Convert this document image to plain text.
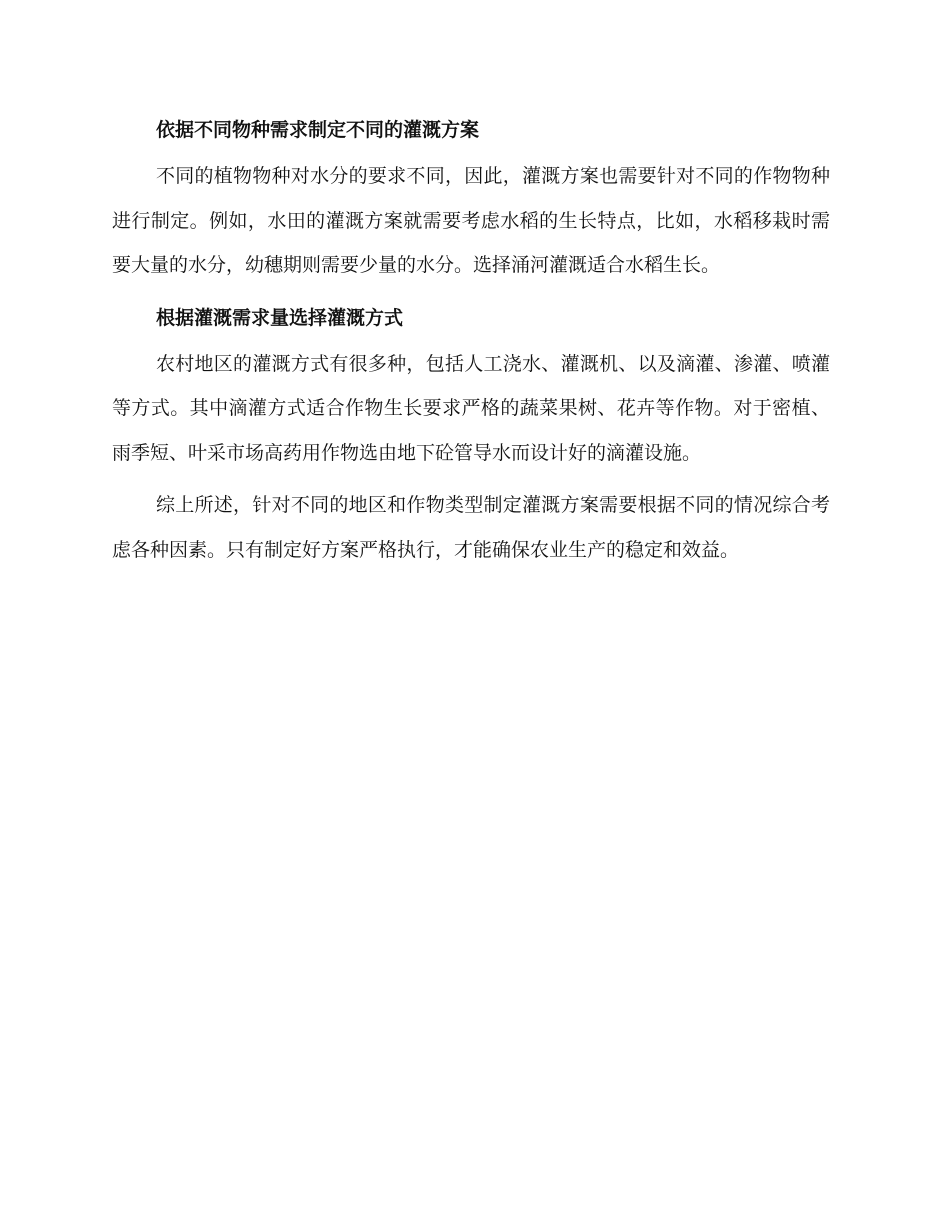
依据不同物种需求制定不同的灌溉方案

不同的植物物种对水分的要求不同，因此，灌溉方案也需要针对不同的作物物种进行制定。例如，水田的灌溉方案就需要考虑水稻的生长特点，比如，水稻移栽时需要大量的水分，幼穗期则需要少量的水分。选择涌河灌溉适合水稻生长。

根据灌溉需求量选择灌溉方式

农村地区的灌溉方式有很多种，包括人工浇水、灌溉机、以及滴灌、渗灌、喷灌等方式。其中滴灌方式适合作物生长要求严格的蔬菜果树、花卉等作物。对于密植、雨季短、叶采市场高药用作物选由地下砼管导水而设计好的滴灌设施。

综上所述，针对不同的地区和作物类型制定灌溉方案需要根据不同的情况综合考虑各种因素。只有制定好方案严格执行，才能确保农业生产的稳定和效益。
